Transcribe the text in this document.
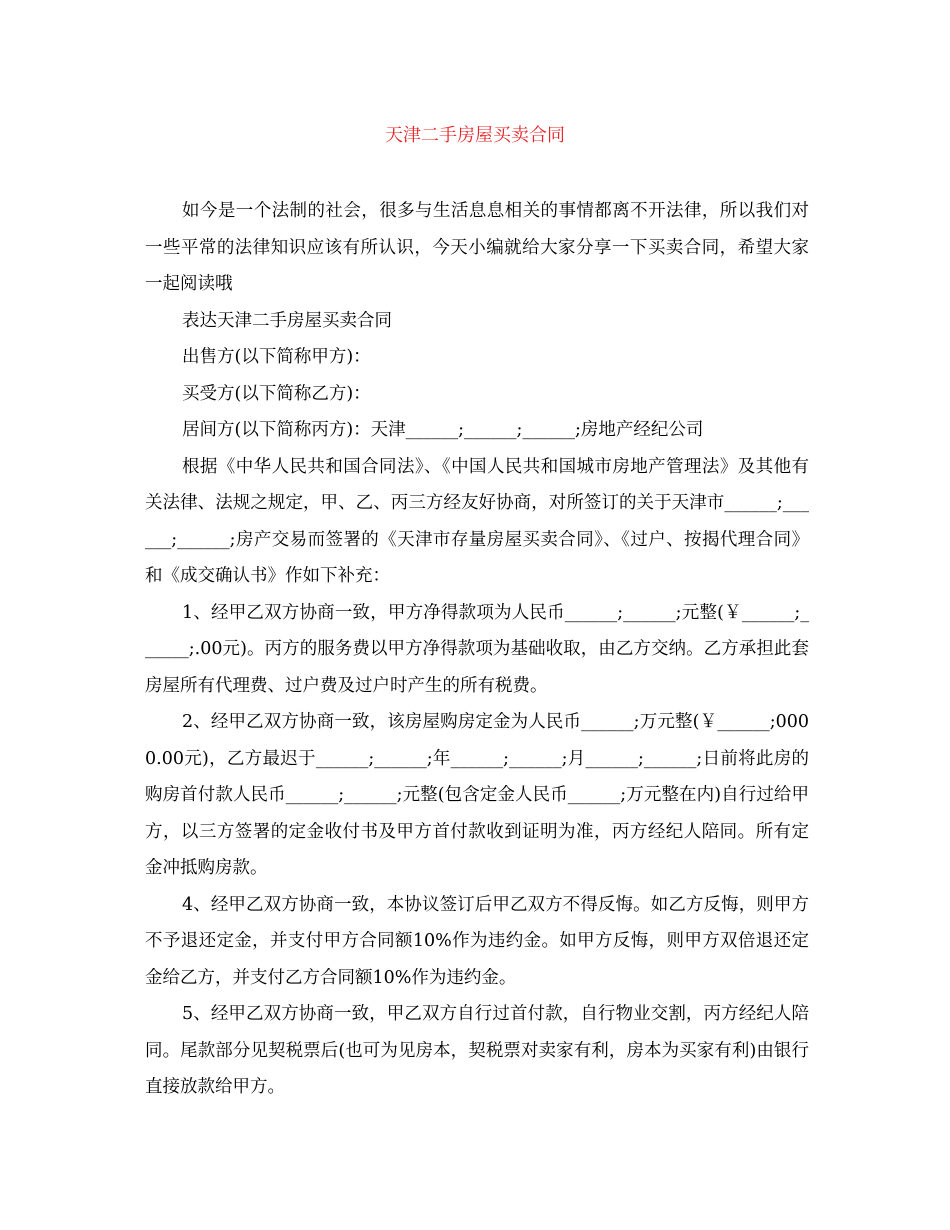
天津二手房屋买卖合同

如今是一个法制的社会，很多与生活息息相关的事情都离不开法律，所以我们对一些平常的法律知识应该有所认识，今天小编就给大家分享一下买卖合同，希望大家一起阅读哦

表达天津二手房屋买卖合同

出售方(以下简称甲方)：

买受方(以下简称乙方)：

居间方(以下简称丙方)：天津______;______;______;房地产经纪公司

根据《中华人民共和国合同法》、《中国人民共和国城市房地产管理法》及其他有关法律、法规之规定，甲、乙、丙三方经友好协商，对所签订的关于天津市______;______;______;房产交易而签署的《天津市存量房屋买卖合同》、《过户、按揭代理合同》和《成交确认书》作如下补充：

1、经甲乙双方协商一致，甲方净得款项为人民币______;______;元整(￥______;______;.00元)。丙方的服务费以甲方净得款项为基础收取，由乙方交纳。乙方承担此套房屋所有代理费、过户费及过户时产生的所有税费。

2、经甲乙双方协商一致，该房屋购房定金为人民币______;万元整(￥______;0000.00元)，乙方最迟于______;______;年______;______;月______;______;日前将此房的购房首付款人民币______;______;元整(包含定金人民币______;万元整在内)自行过给甲方，以三方签署的定金收付书及甲方首付款收到证明为准，丙方经纪人陪同。所有定金冲抵购房款。

4、经甲乙双方协商一致，本协议签订后甲乙双方不得反悔。如乙方反悔，则甲方不予退还定金，并支付甲方合同额10%作为违约金。如甲方反悔，则甲方双倍退还定金给乙方，并支付乙方合同额10%作为违约金。

5、经甲乙双方协商一致，甲乙双方自行过首付款，自行物业交割，丙方经纪人陪同。尾款部分见契税票后(也可为见房本，契税票对卖家有利，房本为买家有利)由银行直接放款给甲方。
